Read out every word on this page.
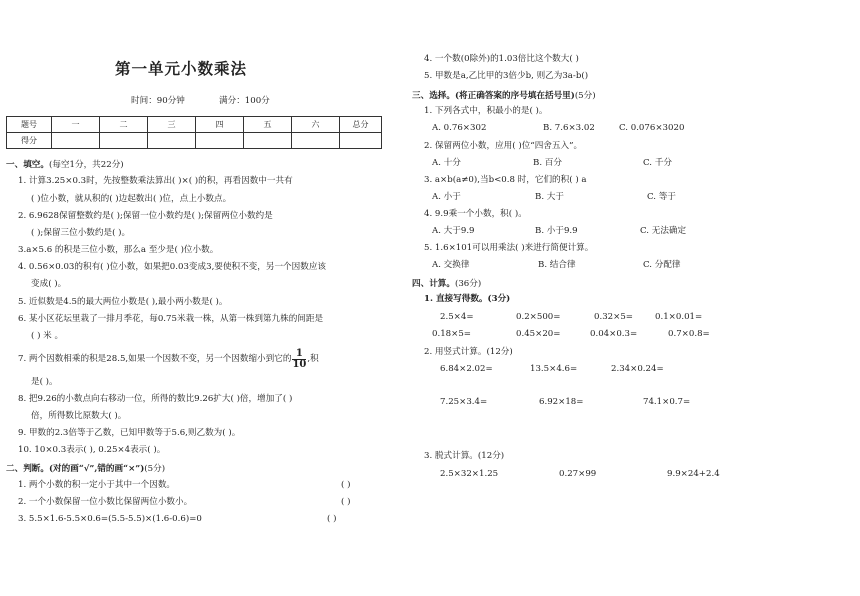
第一单元小数乘法
时间：90分钟	满分：100分
题号	一	二	三	四	五	六	总分
得分							
一、填空。(每空1分，共22分)
1. 计算3.25×0.3时，先按整数乘法算出( )×( )的积，再看因数中一共有
( )位小数，就从积的( )边起数出( )位，点上小数点。
2. 6.9628保留整数约是( );保留一位小数约是( );保留两位小数约是
( );保留三位小数约是( )。
3.a×5.6 的积是三位小数，那么a 至少是( )位小数。
4. 0.56×0.03的积有( )位小数，如果把0.03变成3,要使积不变，另一个因数应该
变成( )。
5. 近似数是4.5的最大两位小数是( ),最小两小数是( )。
6. 某小区花坛里栽了一排月季花，每0.75米栽一株，从第一株到第九株的间距是
( ) 米 。
7. 两个因数相乘的积是28.5,如果一个因数不变，另一个因数缩小到它的 $\frac{1}{10}$ ,积
是( )。
8. 把9.26的小数点向右移动一位，所得的数比9.26扩大( )倍，增加了( )
倍，所得数比原数大( )。
9. 甲数的2.3倍等于乙数，已知甲数等于5.6,则乙数为( )。
10. 10×0.3表示( ), 0.25×4表示( )。
二、判断。(对的画“√”,错的画“×”)(5分)
1. 两个小数的积一定小于其中一个因数。	( )
2. 一个小数保留一位小数比保留两位小数小。	( )
3. 5.5×1.6-5.5×0.6=(5.5-5.5)×(1.6-0.6)=0	( )
4. 一个数(0除外)的1.03倍比这个数大( )
5. 甲数是a,乙比甲的3倍少b, 则乙为3a-b()
三、选择。(将正确答案的序号填在括号里)(5分)
1. 下列各式中，积最小的是( )。
A. 0.76×302	B. 7.6×3.02	C. 0.076×3020
2. 保留两位小数，应用( )位“四舍五入”。
A. 十分	B. 百分	C. 千分
3. a×b(a≠0),当b<0.8 时，它们的积( ) a
A. 小于	B. 大于	C. 等于
4. 9.9乘一个小数，积( )。
A. 大于9.9	B. 小于9.9	C. 无法确定
5. 1.6×101可以用乘法( )来进行简便计算。
A. 交换律	B. 结合律	C. 分配律
四、计算。(36分)
1. 直接写得数。(3分)
2.5×4=	0.2×500=	0.32×5=	0.1×0.01=
0.18×5=	0.45×20=	0.04×0.3=	0.7×0.8=
2. 用竖式计算。(12分)
6.84×2.02=	13.5×4.6=	2.34×0.24=
7.25×3.4=	6.92×18=	74.1×0.7=
3. 脱式计算。(12分)
2.5×32×1.25	0.27×99	9.9×24+2.4
